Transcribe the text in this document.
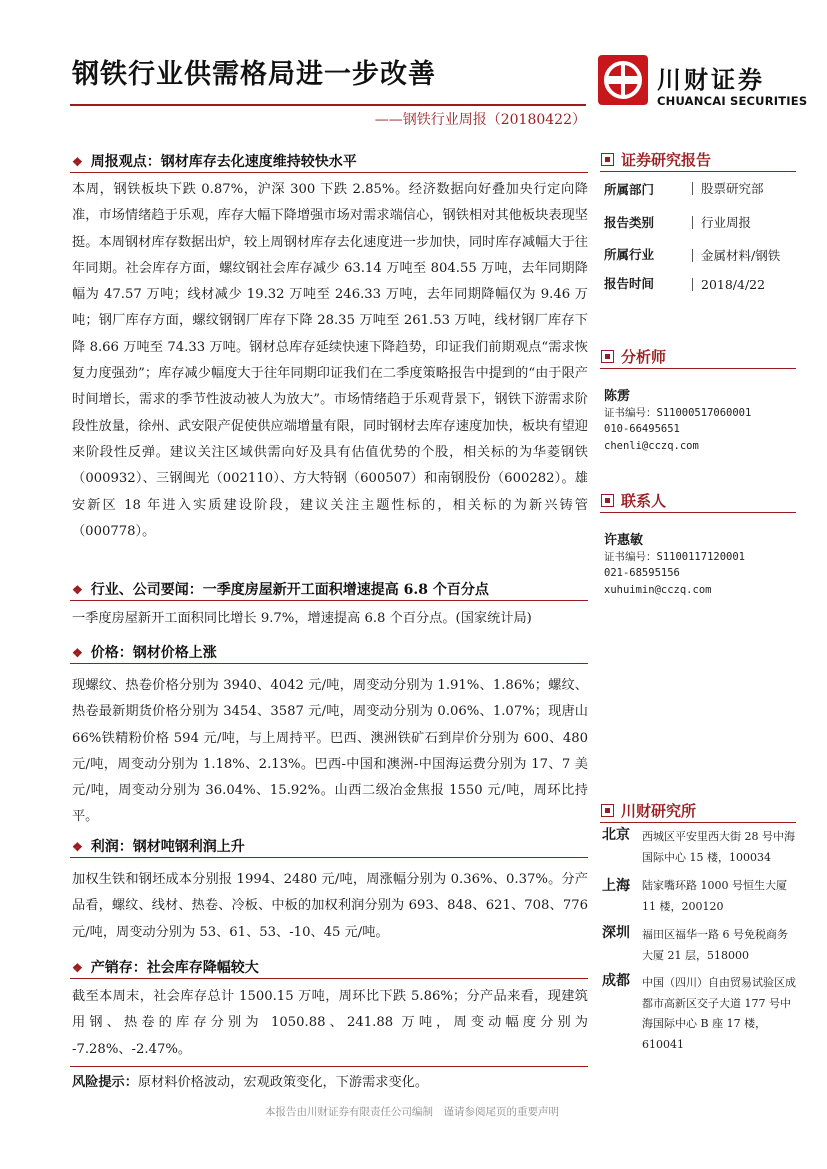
钢铁行业供需格局进一步改善
——钢铁行业周报（20180422）
川财证券
CHUANCAI SECURITIES
❖ 周报观点：钢材库存去化速度维持较快水平
本周，钢铁板块下跌 0.87%，沪深 300 下跌 2.85%。经济数据向好叠加央行定向降准，市场情绪趋于乐观，库存大幅下降增强市场对需求端信心，钢铁相对其他板块表现坚挺。本周钢材库存数据出炉，较上周钢材库存去化速度进一步加快，同时库存减幅大于往年同期。社会库存方面，螺纹钢社会库存减少 63.14 万吨至 804.55 万吨，去年同期降幅为 47.57 万吨；线材减少 19.32 万吨至 246.33 万吨，去年同期降幅仅为 9.46 万吨；钢厂库存方面，螺纹钢钢厂库存下降 28.35 万吨至 261.53 万吨，线材钢厂库存下降 8.66 万吨至 74.33 万吨。钢材总库存延续快速下降趋势，印证我们前期观点“需求恢复力度强劲”；库存减少幅度大于往年同期印证我们在二季度策略报告中提到的“由于限产时间增长，需求的季节性波动被人为放大”。市场情绪趋于乐观背景下，钢铁下游需求阶段性放量，徐州、武安限产促使供应端增量有限，同时钢材去库存速度加快，板块有望迎来阶段性反弹。建议关注区域供需向好及具有估值优势的个股，相关标的为华菱钢铁（000932）、三钢闽光（002110）、方大特钢（600507）和南钢股份（600282）。雄安新区 18 年进入实质建设阶段，建议关注主题性标的，相关标的为新兴铸管（000778）。
❖ 行业、公司要闻：一季度房屋新开工面积增速提高 6.8 个百分点
一季度房屋新开工面积同比增长 9.7%，增速提高 6.8 个百分点。(国家统计局)
❖ 价格：钢材价格上涨
现螺纹、热卷价格分别为 3940、4042 元/吨，周变动分别为 1.91%、1.86%；螺纹、热卷最新期货价格分别为 3454、3587 元/吨，周变动分别为 0.06%、1.07%；现唐山 66%铁精粉价格 594 元/吨，与上周持平。巴西、澳洲铁矿石到岸价分别为 600、480 元/吨，周变动分别为 1.18%、2.13%。巴西-中国和澳洲-中国海运费分别为 17、7 美元/吨，周变动分别为 36.04%、15.92%。山西二级冶金焦报 1550 元/吨，周环比持平。
❖ 利润：钢材吨钢利润上升
加权生铁和钢坯成本分别报 1994、2480 元/吨，周涨幅分别为 0.36%、0.37%。分产品看，螺纹、线材、热卷、冷板、中板的加权利润分别为 693、848、621、708、776 元/吨，周变动分别为 53、61、53、-10、45 元/吨。
❖ 产销存：社会库存降幅较大
截至本周末，社会库存总计 1500.15 万吨，周环比下跌 5.86%；分产品来看，现建筑用钢、热卷的库存分别为 1050.88、241.88 万吨，周变动幅度分别为 -7.28%、-2.47%。
风险提示：原材料价格波动，宏观政策变化，下游需求变化。
证券研究报告
所属部门	股票研究部
报告类别	行业周报
所属行业	金属材料/钢铁
报告时间	2018/4/22
分析师
陈雳
证书编号：S1100051706​0001
010-66495651
chenli@cczq.com
联系人
许惠敏
证书编号：S1100117120001
021-68595156
xuhuimin@cczq.com
川财研究所
北京 西城区平安里西大街 28 号中海国际中心 15 楼，100034
上海 陆家嘴环路 1000 号恒生大厦 11 楼，200120
深圳 福田区福华一路 6 号免税商务大厦 21 层，518000
成都 中国（四川）自由贸易试验区成都市高新区交子大道 177 号中海国际中心 B 座 17 楼，610041
本报告由川财证券有限责任公司编制　谨请参阅尾页的重要声明
